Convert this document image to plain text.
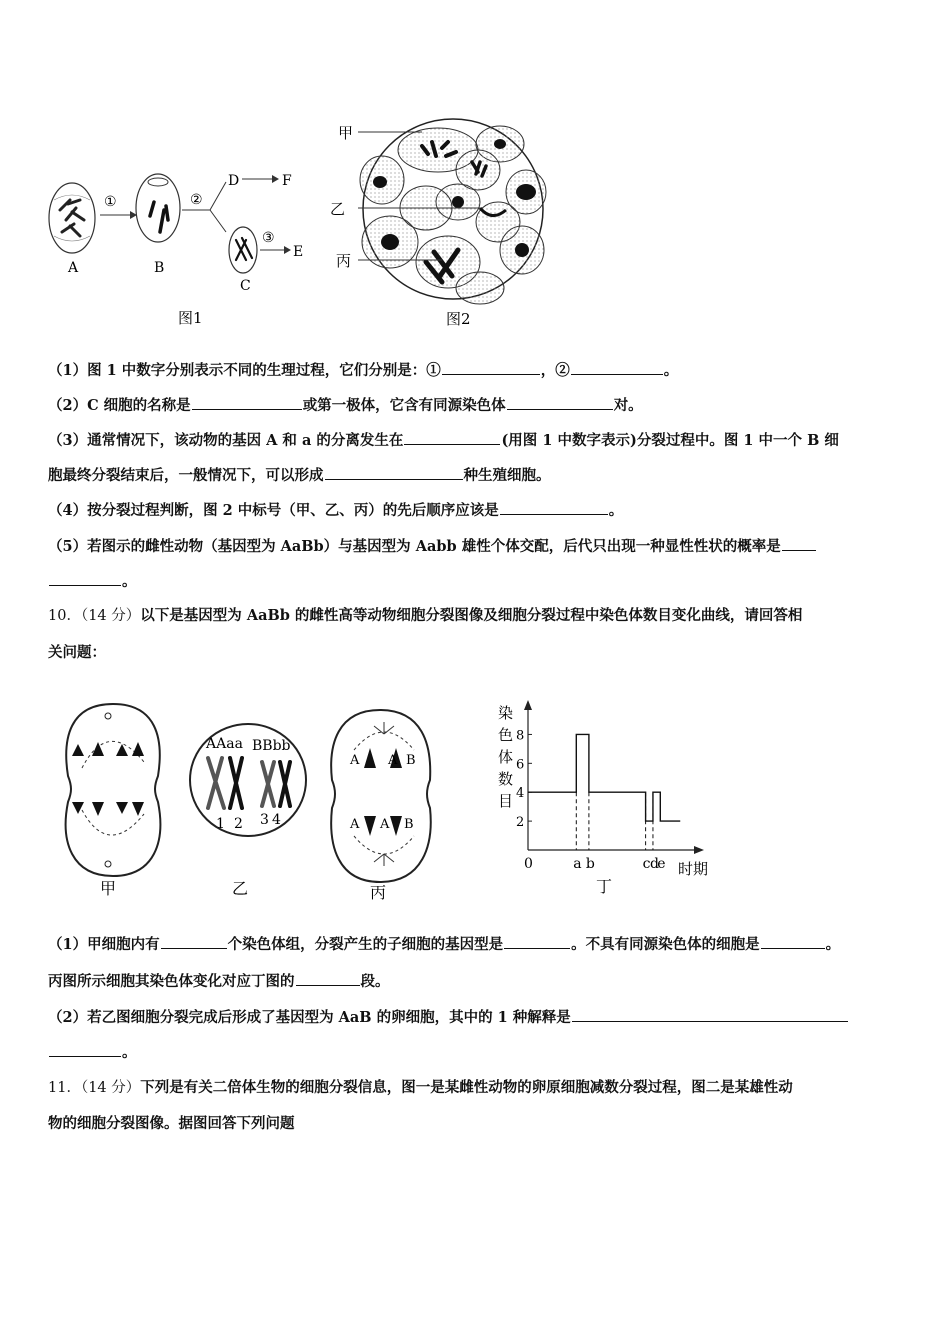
A
①
B
②
D	F
C
③
E
图1
甲
乙
丙
图2
（1）图 1 中数字分别表示不同的生理过程，它们分别是：①	，②	。
（2）C 细胞的名称是	或第一极体，它含有同源染色体	对。
（3）通常情况下，该动物的基因 A 和 a 的分离发生在	(用图 1 中数字表示)分裂过程中。图 1 中一个 B 细
胞最终分裂结束后，一般情况下，可以形成	种生殖细胞。
（4）按分裂过程判断，图 2 中标号（甲、乙、丙）的先后顺序应该是	。
（5）若图示的雌性动物（基因型为 AaBb）与基因型为 Aabb 雄性个体交配，后代只出现一种显性性状的概率是
。
10．（14 分）以下是基因型为 AaBb 的雌性高等动物细胞分裂图像及细胞分裂过程中染色体数目变化曲线，请回答相
关问题：
甲
AAaa BBbb
1 2 3 4
乙
A A B
A A B
丙
染
色
体
数
目
2
4
6
8
0	a b	c d
e 时期
丁
（1）甲细胞内有	个染色体组，分裂产生的子细胞的基因型是	。不具有同源染色体的细胞是	。
丙图所示细胞其染色体变化对应丁图的	段。
（2）若乙图细胞分裂完成后形成了基因型为 AaB 的卵细胞，其中的 1 种解释是
。
11．（14 分）下列是有关二倍体生物的细胞分裂信息，图一是某雌性动物的卵原细胞减数分裂过程，图二是某雄性动
物的细胞分裂图像。据图回答下列问题
